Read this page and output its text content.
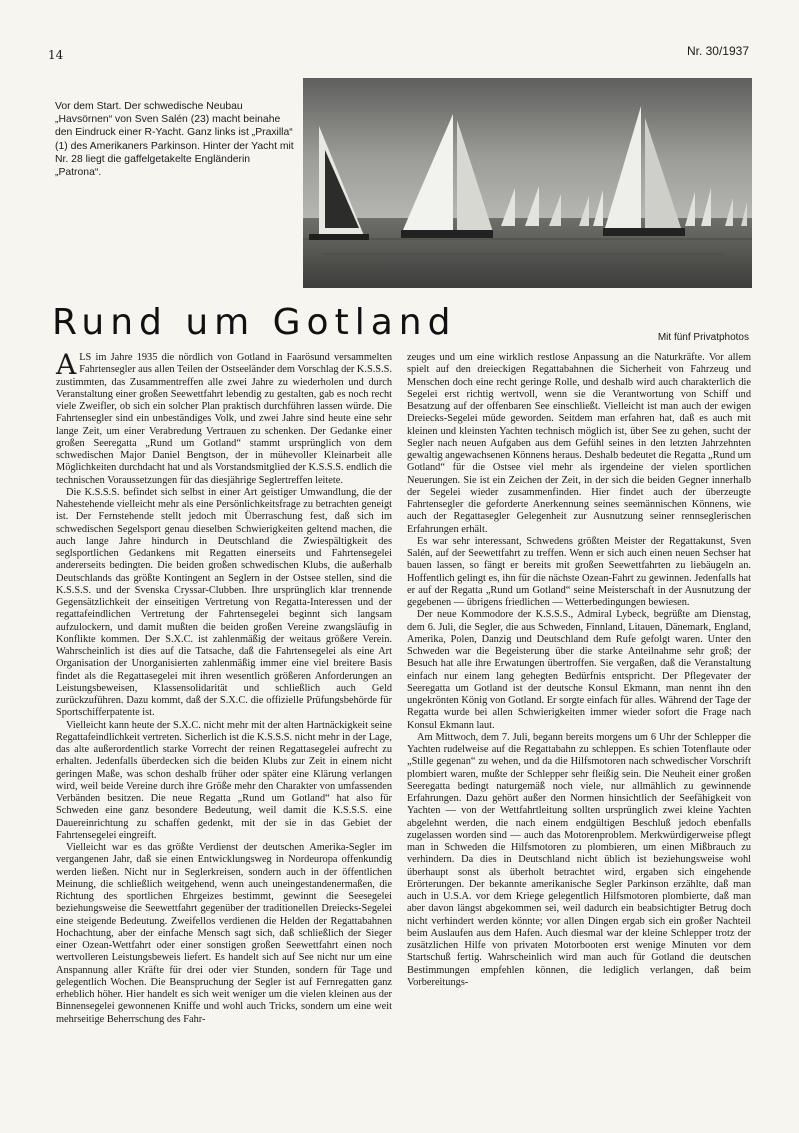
14	Nr. 30/1937
Vor dem Start. Der schwedische Neubau „Havsörnen“ von Sven Salén (23) macht beinahe den Eindruck einer R-Yacht. Ganz links ist „Praxilla“ (1) des Amerikaners Parkinson. Hinter der Yacht mit Nr. 28 liegt die gaffelgetakelte Engländerin „Patrona“.
Rund um Gotland	Mit fünf Privatphotos

ALS im Jahre 1935 die nördlich von Gotland in Faarösund versammelten Fahrtensegler aus allen Teilen der Ostseeländer dem Vorschlag der K.S.S.S. zustimmten, das Zusammentreffen alle zwei Jahre zu wiederholen und durch Veranstaltung einer großen Seewettfahrt lebendig zu gestalten, gab es noch recht viele Zweifler, ob sich ein solcher Plan praktisch durchführen lassen würde. Die Fahrtensegler sind ein unbeständiges Volk, und zwei Jahre sind heute eine sehr lange Zeit, um einer Verabredung Vertrauen zu schenken. Der Gedanke einer großen Seeregatta „Rund um Gotland“ stammt ursprünglich von dem schwedischen Major Daniel Bengtson, der in mühevoller Kleinarbeit alle Möglichkeiten durchdacht hat und als Vorstandsmitglied der K.S.S.S. endlich die technischen Voraussetzungen für das diesjährige Seglertreffen leitete.

Die K.S.S.S. befindet sich selbst in einer Art geistiger Umwandlung, die der Nahestehende vielleicht mehr als eine Persönlichkeitsfrage zu betrachten geneigt ist. Der Fernstehende stellt jedoch mit Überraschung fest, daß sich im schwedischen Segelsport genau dieselben Schwierigkeiten geltend machen, die auch lange Jahre hindurch in Deutschland die Zwiespältigkeit des seglsportlichen Gedankens mit Regatten einerseits und Fahrtensegelei andererseits bedingten. Die beiden großen schwedischen Klubs, die außerhalb Deutschlands das größte Kontingent an Seglern in der Ostsee stellen, sind die K.S.S.S. und der Svenska Cryssar-Clubben. Ihre ursprünglich klar trennende Gegensätzlichkeit der einseitigen Vertretung von Regatta-Interessen und der regattafeindlichen Vertretung der Fahrtensegelei beginnt sich langsam aufzulockern, und damit mußten die beiden großen Vereine zwangsläufig in Konflikte kommen. Der S.X.C. ist zahlenmäßig der weitaus größere Verein. Wahrscheinlich ist dies auf die Tatsache, daß die Fahrtensegelei als eine Art Organisation der Unorganisierten zahlenmäßig immer eine viel breitere Basis findet als die Regattasegelei mit ihren wesentlich größeren Anforderungen an Leistungsbeweisen, Klassensolidarität und schließlich auch Geld zurückzuführen. Dazu kommt, daß der S.X.C. die offizielle Prüfungsbehörde für Sportschifferpatente ist.

Vielleicht kann heute der S.X.C. nicht mehr mit der alten Hartnäckigkeit seine Regattafeindlichkeit vertreten. Sicherlich ist die K.S.S.S. nicht mehr in der Lage, das alte außerordentlich starke Vorrecht der reinen Regattasegelei aufrecht zu erhalten. Jedenfalls überdecken sich die beiden Klubs zur Zeit in einem nicht geringen Maße, was schon deshalb früher oder später eine Klärung verlangen wird, weil beide Vereine durch ihre Größe mehr den Charakter von umfassenden Verbänden besitzen. Die neue Regatta „Rund um Gotland“ hat also für Schweden eine ganz besondere Bedeutung, weil damit die K.S.S.S. eine Dauereinrichtung zu schaffen gedenkt, mit der sie in das Gebiet der Fahrtensegelei eingreift.

Vielleicht war es das größte Verdienst der deutschen Amerika-Segler im vergangenen Jahr, daß sie einen Entwicklungsweg in Nordeuropa offenkundig werden ließen. Nicht nur in Seglerkreisen, sondern auch in der öffentlichen Meinung, die schließlich weitgehend, wenn auch uneingestandenermaßen, die Richtung des sportlichen Ehrgeizes bestimmt, gewinnt die Seesegelei beziehungsweise die Seewettfahrt gegenüber der traditionellen Dreiecks-Segelei eine steigende Bedeutung. Zweifellos verdienen die Helden der Regattabahnen Hochachtung, aber der einfache Mensch sagt sich, daß schließlich der Sieger einer Ozean-Wettfahrt oder einer sonstigen großen Seewettfahrt einen noch wertvolleren Leistungsbeweis liefert. Es handelt sich auf See nicht nur um eine Anspannung aller Kräfte für drei oder vier Stunden, sondern für Tage und gelegentlich Wochen. Die Beanspruchung der Segler ist auf Fernregatten ganz erheblich höher. Hier handelt es sich weit weniger um die vielen kleinen aus der Binnensegelei gewonnenen Kniffe und wohl auch Tricks, sondern um eine weit mehrseitige Beherrschung des Fahr-

zeuges und um eine wirklich restlose Anpassung an die Naturkräfte. Vor allem spielt auf den dreieckigen Regattabahnen die Sicherheit von Fahrzeug und Menschen doch eine recht geringe Rolle, und deshalb wird auch charakterlich die Segelei erst richtig wertvoll, wenn sie die Verantwortung von Schiff und Besatzung auf der offenbaren See einschließt. Vielleicht ist man auch der ewigen Dreiecks-Segelei müde geworden. Seitdem man erfahren hat, daß es auch mit kleinen und kleinsten Yachten technisch möglich ist, über See zu gehen, sucht der Segler nach neuen Aufgaben aus dem Gefühl seines in den letzten Jahrzehnten gewaltig angewachsenen Könnens heraus. Deshalb bedeutet die Regatta „Rund um Gotland“ für die Ostsee viel mehr als irgendeine der vielen sportlichen Neuerungen. Sie ist ein Zeichen der Zeit, in der sich die beiden Gegner innerhalb der Segelei wieder zusammenfinden. Hier findet auch der überzeugte Fahrtensegler die geforderte Anerkennung seines seemännischen Könnens, wie auch der Regattasegler Gelegenheit zur Ausnutzung seiner rennseglerischen Erfahrungen erhält.

Es war sehr interessant, Schwedens größten Meister der Regattakunst, Sven Salén, auf der Seewettfahrt zu treffen. Wenn er sich auch einen neuen Sechser hat bauen lassen, so fängt er bereits mit großen Seewettfahrten zu liebäugeln an. Hoffentlich gelingt es, ihn für die nächste Ozean-Fahrt zu gewinnen. Jedenfalls hat er auf der Regatta „Rund um Gotland“ seine Meisterschaft in der Ausnutzung der gegebenen — übrigens friedlichen — Wetterbedingungen bewiesen.

Der neue Kommodore der K.S.S.S., Admiral Lybeck, begrüßte am Dienstag, dem 6. Juli, die Segler, die aus Schweden, Finnland, Litauen, Dänemark, England, Amerika, Polen, Danzig und Deutschland dem Rufe gefolgt waren. Unter den Schweden war die Begeisterung über die starke Anteilnahme sehr groß; der Besuch hat alle ihre Erwatungen übertroffen. Sie vergaßen, daß die Veranstaltung einfach nur einem lang gehegten Bedürfnis entspricht. Der Pflegevater der Seeregatta um Gotland ist der deutsche Konsul Ekmann, man nennt ihn den ungekrönten König von Gotland. Er sorgte einfach für alles. Während der Tage der Regatta wurde bei allen Schwierigkeiten immer wieder sofort die Frage nach Konsul Ekmann laut.

Am Mittwoch, dem 7. Juli, begann bereits morgens um 6 Uhr der Schlepper die Yachten rudelweise auf die Regattabahn zu schleppen. Es schien Totenflaute oder „Stille gegenan“ zu wehen, und da die Hilfsmotoren nach schwedischer Vorschrift plombiert waren, mußte der Schlepper sehr fleißig sein. Die Neuheit einer großen Seeregatta bedingt naturgemäß noch viele, nur allmählich zu gewinnende Erfahrungen. Dazu gehört außer den Normen hinsichtlich der Seefähigkeit von Yachten — von der Wettfahrtleitung sollten ursprünglich zwei kleine Yachten abgelehnt werden, die nach einem endgültigen Beschluß jedoch ebenfalls zugelassen worden sind — auch das Motorenproblem. Merkwürdigerweise pflegt man in Schweden die Hilfsmotoren zu plombieren, um einen Mißbrauch zu verhindern. Da dies in Deutschland nicht üblich ist beziehungsweise wohl überhaupt sonst als überholt betrachtet wird, ergaben sich eingehende Erörterungen. Der bekannte amerikanische Segler Parkinson erzählte, daß man auch in U.S.A. vor dem Kriege gelegentlich Hilfsmotoren plombierte, daß man aber davon längst abgekommen sei, weil dadurch ein beabsichtigter Betrug doch nicht verhindert werden könnte; vor allen Dingen ergab sich ein großer Nachteil beim Auslaufen aus dem Hafen. Auch diesmal war der kleine Schlepper trotz der zusätzlichen Hilfe von privaten Motorbooten erst wenige Minuten vor dem Startschuß fertig. Wahrscheinlich wird man auch für Gotland die deutschen Bestimmungen empfehlen können, die lediglich verlangen, daß beim Vorbereitungs-
